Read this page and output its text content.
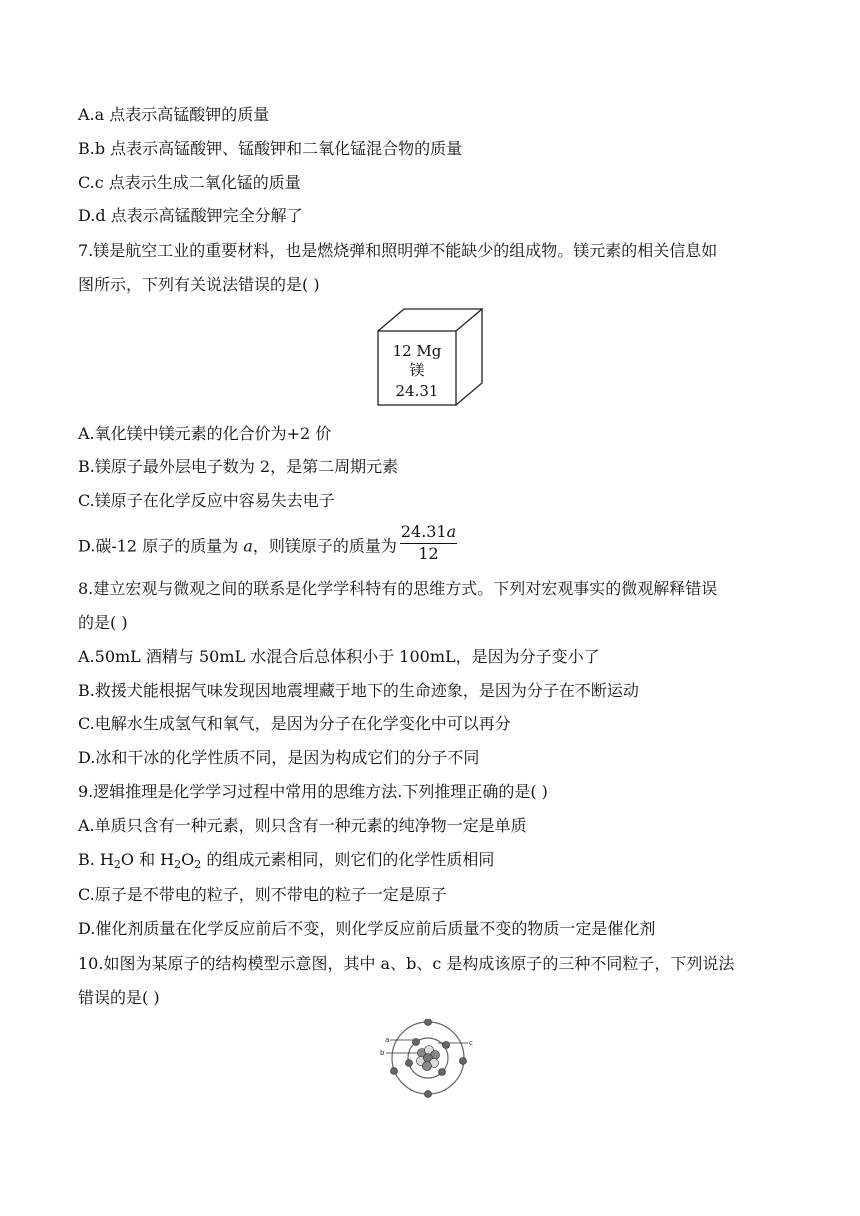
A.a 点表示高锰酸钾的质量
B.b 点表示高锰酸钾、锰酸钾和二氧化锰混合物的质量
C.c 点表示生成二氧化锰的质量
D.d 点表示高锰酸钾完全分解了
7.镁是航空工业的重要材料，也是燃烧弹和照明弹不能缺少的组成物。镁元素的相关信息如
图所示，下列有关说法错误的是( )
12 Mg
镁
24.31
A.氧化镁中镁元素的化合价为+2 价
B.镁原子最外层电子数为 2，是第二周期元素
C.镁原子在化学反应中容易失去电子
D.碳-12 原子的质量为 a，则镁原子的质量为 $\frac{24.31a}{12}$
8.建立宏观与微观之间的联系是化学学科特有的思维方式。下列对宏观事实的微观解释错误
的是( )
A.50mL 酒精与 50mL 水混合后总体积小于 100mL，是因为分子变小了
B.救援犬能根据气味发现因地震埋藏于地下的生命迹象，是因为分子在不断运动
C.电解水生成氢气和氧气，是因为分子在化学变化中可以再分
D.冰和干冰的化学性质不同，是因为构成它们的分子不同
9.逻辑推理是化学学习过程中常用的思维方法.下列推理正确的是( )
A.单质只含有一种元素，则只含有一种元素的纯净物一定是单质
B. $H_2O$ 和 $H_2O_2$ 的组成元素相同，则它们的化学性质相同
C.原子是不带电的粒子，则不带电的粒子一定是原子
D.催化剂质量在化学反应前后不变，则化学反应前后质量不变的物质一定是催化剂
10.如图为某原子的结构模型示意图，其中 a、b、c 是构成该原子的三种不同粒子，下列说法
错误的是( )
a
b
c
